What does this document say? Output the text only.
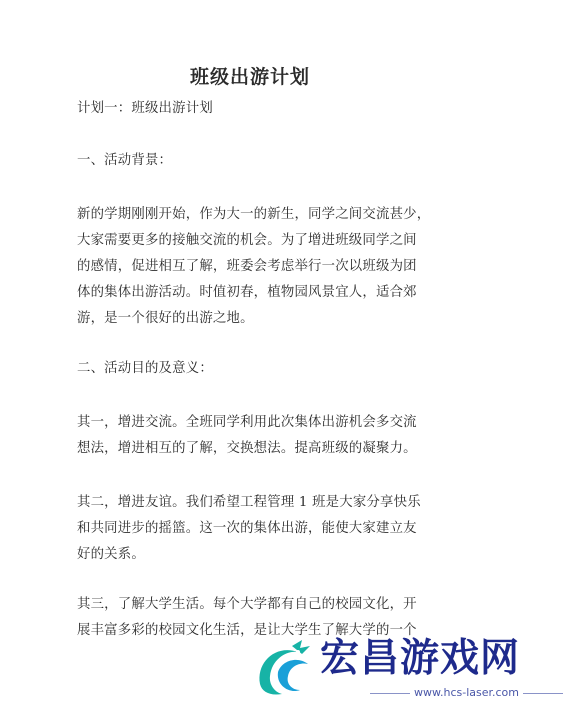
班级出游计划
计划一：班级出游计划
一、活动背景：
新的学期刚刚开始，作为大一的新生，同学之间交流甚少，
大家需要更多的接触交流的机会。为了增进班级同学之间
的感情，促进相互了解，班委会考虑举行一次以班级为团
体的集体出游活动。时值初春，植物园风景宜人，适合郊
游，是一个很好的出游之地。
二、活动目的及意义：
其一，增进交流。全班同学利用此次集体出游机会多交流
想法，增进相互的了解，交换想法。提高班级的凝聚力。
其二，增进友谊。我们希望工程管理 1 班是大家分享快乐
和共同进步的摇篮。这一次的集体出游，能使大家建立友
好的关系。
其三，了解大学生活。每个大学都有自己的校园文化，开
展丰富多彩的校园文化生活，是让大学生了解大学的一个
宏昌游戏网
www.hcs-laser.com
